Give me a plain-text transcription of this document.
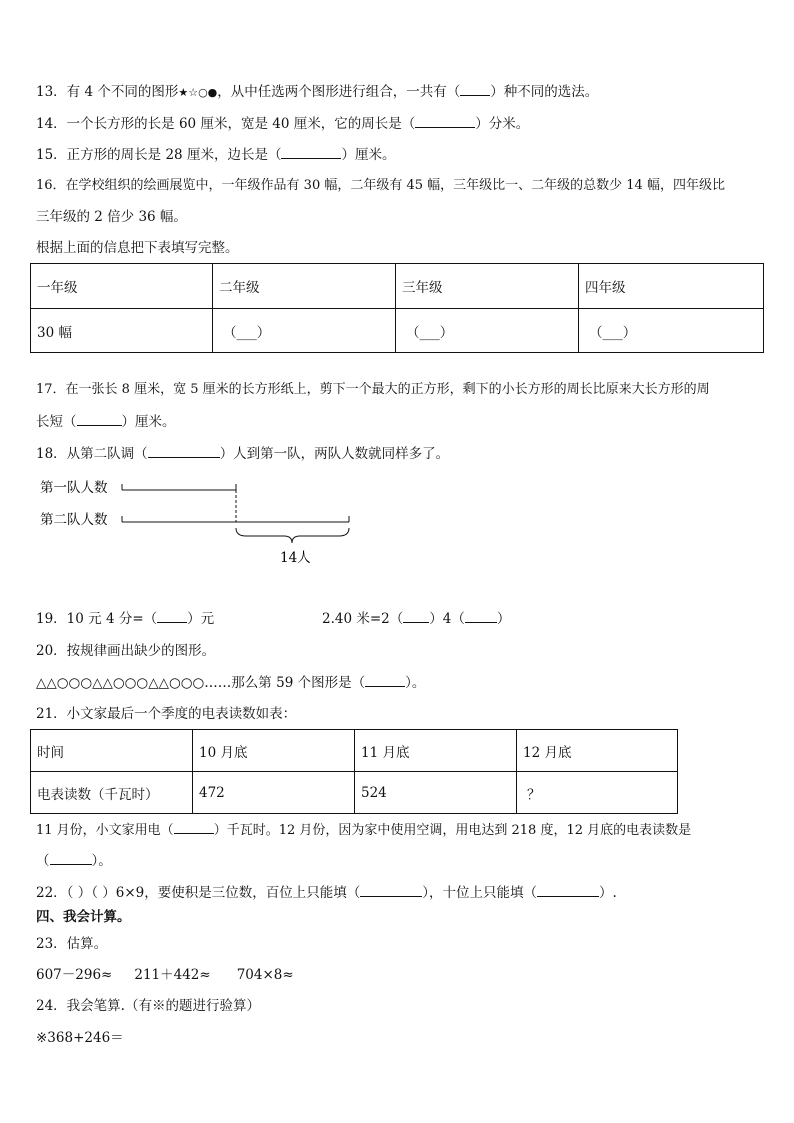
13．有 4 个不同的图形★☆○●，从中任选两个图形进行组合，一共有（ ）种不同的选法。
14．一个长方形的长是 60 厘米，宽是 40 厘米，它的周长是（	）分米。
15．正方形的周长是 28 厘米，边长是（	）厘米。
16．在学校组织的绘画展览中，一年级作品有 30 幅，二年级有 45 幅，三年级比一、二年级的总数少 14 幅，四年级比
三年级的 2 倍少 36 幅。
根据上面的信息把下表填写完整。
一年级	二年级	三年级	四年级
30 幅	（___）	（___）	（___）
17．在一张长 8 厘米，宽 5 厘米的长方形纸上，剪下一个最大的正方形，剩下的小长方形的周长比原来大长方形的周
长短（	）厘米。
18．从第二队调（	）人到第一队，两队人数就同样多了。
第一队人数
第二队人数
14人
19．10 元 4 分=（ ）元	2.40 米=2（ ）4（ ）
20．按规律画出缺少的图形。
△△○○○△△○○○△△○○○……那么第 59 个图形是（	）。
21．小文家最后一个季度的电表读数如表：
时间	10 月底	11 月底	12 月底
电表读数（千瓦时）	472	524	？
11 月份，小文家用电（	）千瓦时。12 月份，因为家中使用空调，用电达到 218 度，12 月底的电表读数是
（	）。
22．（ ）（ ）6×9，要使积是三位数，百位上只能填（	），十位上只能填（	）.
四、我会计算。
23．估算。
607－296≈ 211＋442≈ 704×8≈
24．我会笔算.（有※的题进行验算）
※368+246＝
